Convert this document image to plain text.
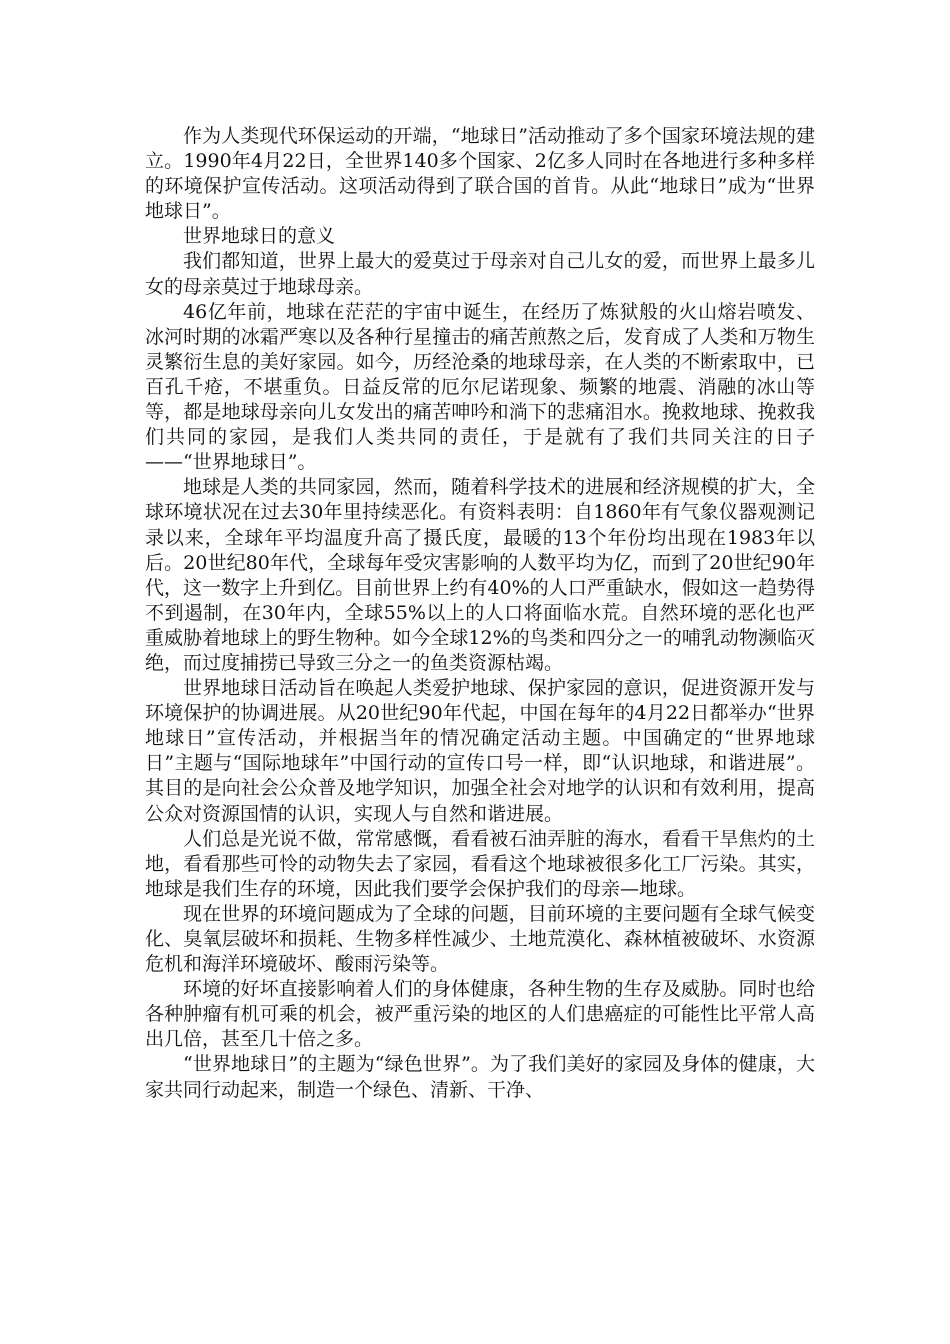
作为人类现代环保运动的开端，“地球日”活动推动了多个国家环境法规的建立。1990年4月22日，全世界140多个国家、2亿多人同时在各地进行多种多样的环境保护宣传活动。这项活动得到了联合国的首肯。从此“地球日”成为“世界地球日”。

世界地球日的意义

我们都知道，世界上最大的爱莫过于母亲对自己儿女的爱，而世界上最多儿女的母亲莫过于地球母亲。

46亿年前，地球在茫茫的宇宙中诞生，在经历了炼狱般的火山熔岩喷发、冰河时期的冰霜严寒以及各种行星撞击的痛苦煎熬之后，发育成了人类和万物生灵繁衍生息的美好家园。如今，历经沧桑的地球母亲，在人类的不断索取中，已百孔千疮，不堪重负。日益反常的厄尔尼诺现象、频繁的地震、消融的冰山等等，都是地球母亲向儿女发出的痛苦呻吟和淌下的悲痛泪水。挽救地球、挽救我们共同的家园，是我们人类共同的责任，于是就有了我们共同关注的日子——“世界地球日”。

地球是人类的共同家园，然而，随着科学技术的进展和经济规模的扩大，全球环境状况在过去30年里持续恶化。有资料表明：自1860年有气象仪器观测记录以来，全球年平均温度升高了摄氏度，最暖的13个年份均出现在1983年以后。20世纪80年代，全球每年受灾害影响的人数平均为亿，而到了20世纪90年代，这一数字上升到亿。目前世界上约有40%的人口严重缺水，假如这一趋势得不到遏制，在30年内，全球55%以上的人口将面临水荒。自然环境的恶化也严重威胁着地球上的野生物种。如今全球12%的鸟类和四分之一的哺乳动物濒临灭绝，而过度捕捞已导致三分之一的鱼类资源枯竭。

世界地球日活动旨在唤起人类爱护地球、保护家园的意识，促进资源开发与环境保护的协调进展。从20世纪90年代起，中国在每年的4月22日都举办“世界地球日”宣传活动，并根据当年的情况确定活动主题。中国确定的“世界地球日”主题与“国际地球年”中国行动的宣传口号一样，即“认识地球，和谐进展”。其目的是向社会公众普及地学知识，加强全社会对地学的认识和有效利用，提高公众对资源国情的认识，实现人与自然和谐进展。

人们总是光说不做，常常感慨，看看被石油弄脏的海水，看看干旱焦灼的土地，看看那些可怜的动物失去了家园，看看这个地球被很多化工厂污染。其实，地球是我们生存的环境，因此我们要学会保护我们的母亲—地球。

现在世界的环境问题成为了全球的问题，目前环境的主要问题有全球气候变化、臭氧层破坏和损耗、生物多样性减少、土地荒漠化、森林植被破坏、水资源危机和海洋环境破坏、酸雨污染等。

环境的好坏直接影响着人们的身体健康，各种生物的生存及威胁。同时也给各种肿瘤有机可乘的机会，被严重污染的地区的人们患癌症的可能性比平常人高出几倍，甚至几十倍之多。

“世界地球日”的主题为“绿色世界”。为了我们美好的家园及身体的健康，大家共同行动起来，制造一个绿色、清新、干净、
